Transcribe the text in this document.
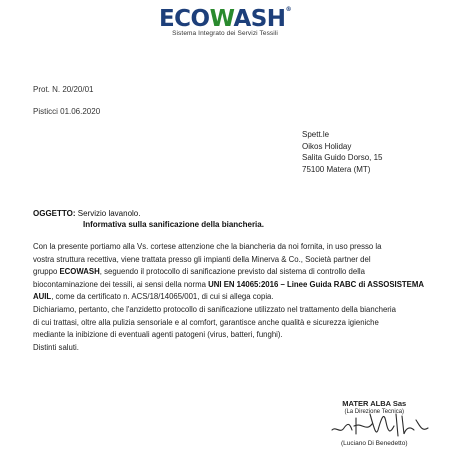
ECOWASH®
Sistema Integrato dei Servizi Tessili
Prot. N. 20/20/01
Pisticci 01.06.2020
Spett.le
Oikos Holiday
Salita Guido Dorso, 15
75100 Matera (MT)
OGGETTO: Servizio lavanolo.
Informativa sulla sanificazione della biancheria.
Con la presente portiamo alla Vs. cortese attenzione che la biancheria da noi fornita, in uso presso la
vostra struttura recettiva, viene trattata presso gli impianti della Minerva & Co., Società partner del
gruppo ECOWASH, seguendo il protocollo di sanificazione previsto dal sistema di controllo della
biocontaminazione dei tessili, ai sensi della norma UNI EN 14065:2016 – Linee Guida RABC di ASSOSISTEMA
AUIL, come da certificato n. ACS/18/14065/001, di cui si allega copia.
Dichiariamo, pertanto, che l'anzidetto protocollo di sanificazione utilizzato nel trattamento della biancheria
di cui trattasi, oltre alla pulizia sensoriale e al comfort, garantisce anche qualità e sicurezza igieniche
mediante la inibizione di eventuali agenti patogeni (virus, batteri, funghi).
Distinti saluti.
MATER ALBA Sas
(La Direzione Tecnica)
(Luciano Di Benedetto)
